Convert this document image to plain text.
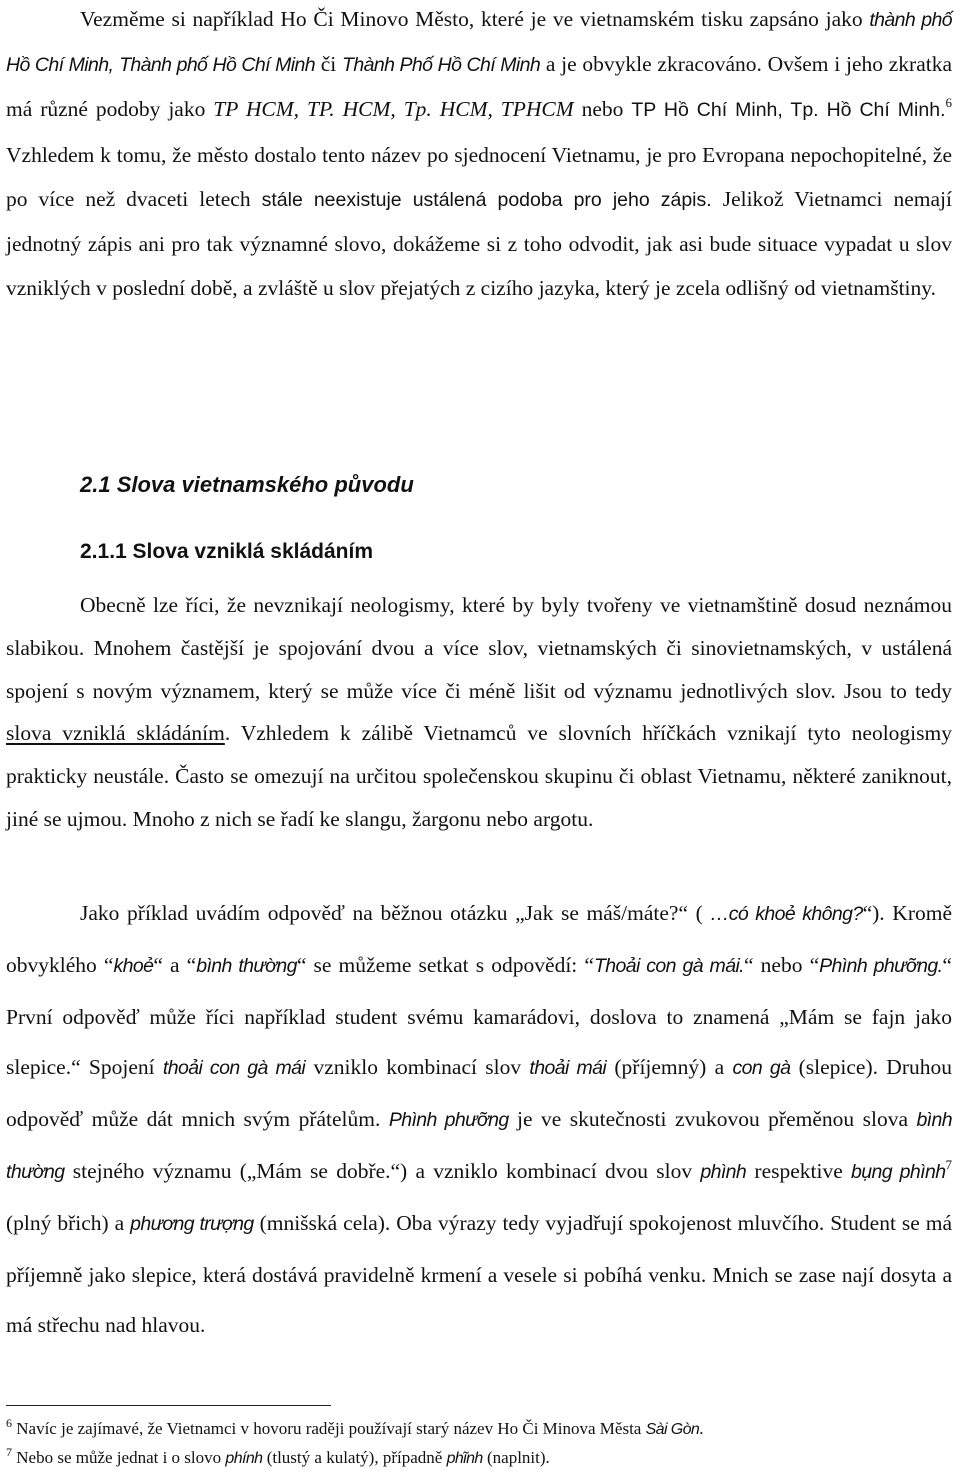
Vezměme si například Ho Či Minovo Město, které je ve vietnamském tisku zapsáno jako thành phố Hồ Chí Minh, Thành phố Hồ Chí Minh či Thành Phố Hồ Chí Minh a je obvykle zkracováno. Ovšem i jeho zkratka má různé podoby jako TP HCM, TP. HCM, Tp. HCM, TPHCM nebo TP Hồ Chí Minh, Tp. Hồ Chí Minh.$^6$ Vzhledem k tomu, že město dostalo tento název po sjednocení Vietnamu, je pro Evropana nepochopitelné, že po více než dvaceti letech stále neexistuje ustálená podoba pro jeho zápis. Jelikož Vietnamci nemají jednotný zápis ani pro tak významné slovo, dokážeme si z toho odvodit, jak asi bude situace vypadat u slov vzniklých v poslední době, a zvláště u slov přejatých z cizího jazyka, který je zcela odlišný od vietnamštiny.

2.1 Slova vietnamského původu
2.1.1 Slova vzniklá skládáním

Obecně lze říci, že nevznikají neologismy, které by byly tvořeny ve vietnamštině dosud neznámou slabikou. Mnohem častější je spojování dvou a více slov, vietnamských či sinovietnamských, v ustálená spojení s novým významem, který se může více či méně lišit od významu jednotlivých slov. Jsou to tedy slova vzniklá skládáním. Vzhledem k zálibě Vietnamců ve slovních hříčkách vznikají tyto neologismy prakticky neustále. Často se omezují na určitou společenskou skupinu či oblast Vietnamu, některé zaniknout, jiné se ujmou. Mnoho z nich se řadí ke slangu, žargonu nebo argotu.

Jako příklad uvádím odpověď na běžnou otázku „Jak se máš/máte?“ ( …có khoẻ không?“). Kromě obvyklého “khoẻ“ a “bình thường“ se můžeme setkat s odpovědí: “Thoải con gà mái.“ nebo “Phình phưỡng.“ První odpověď může říci například student svému kamarádovi, doslova to znamená „Mám se fajn jako slepice.“ Spojení thoải con gà mái vzniklo kombinací slov thoải mái (příjemný) a con gà (slepice). Druhou odpověď může dát mnich svým přátelům. Phình phưỡng je ve skutečnosti zvukovou přeměnou slova bình thường stejného významu („Mám se dobře.“) a vzniklo kombinací dvou slov phình respektive bụng phình$^7$ (plný břich) a phương trượng (mnišská cela). Oba výrazy tedy vyjadřují spokojenost mluvčího. Student se má příjemně jako slepice, která dostává pravidelně krmení a vesele si pobíhá venku. Mnich se zase nají dosyta a má střechu nad hlavou.

$^6$ Navíc je zajímavé, že Vietnamci v hovoru raději používají starý název Ho Či Minova Města Sài Gòn.

$^7$ Nebo se může jednat i o slovo phính (tlustý a kulatý), případně phĩnh (naplnit).
